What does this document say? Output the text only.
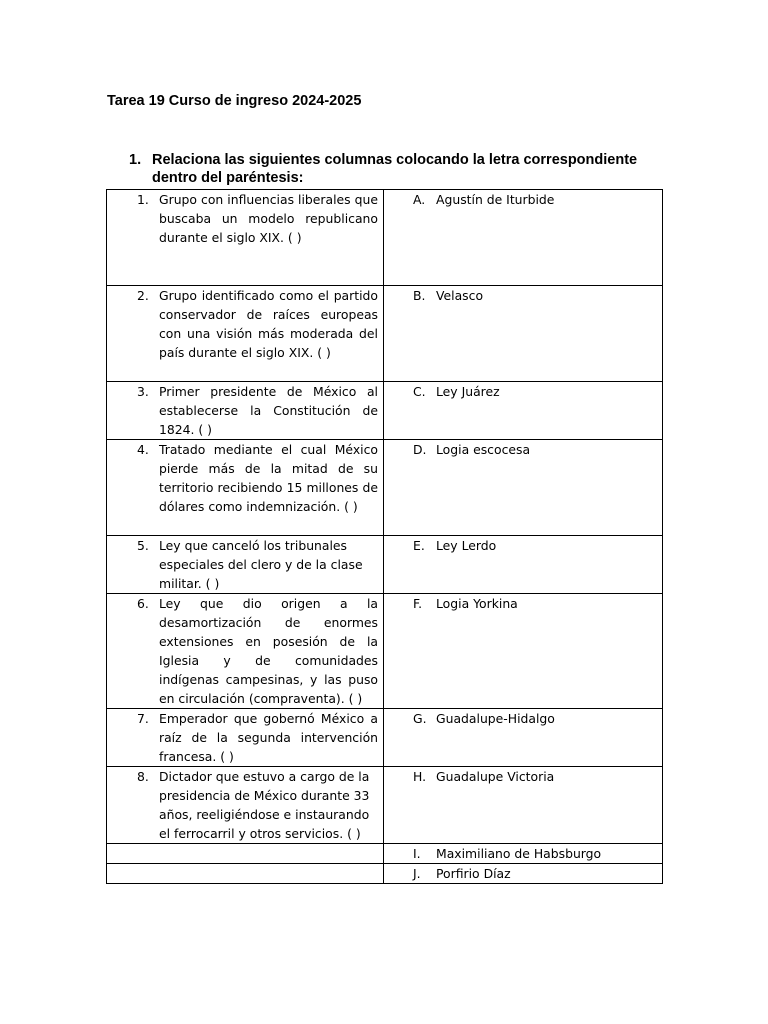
Tarea 19 Curso de ingreso 2024-2025
1. Relaciona las siguientes columnas colocando la letra correspondiente dentro del paréntesis:
1. Grupo con influencias liberales que buscaba un modelo republicano durante el siglo XIX. ( )	A. Agustín de Iturbide

2. Grupo identificado como el partido conservador de raíces europeas con una visión más moderada del país durante el siglo XIX. ( )	B. Velasco

3. Primer presidente de México al establecerse la Constitución de 1824. ( )	C. Ley Juárez

4. Tratado mediante el cual México pierde más de la mitad de su territorio recibiendo 15 millones de dólares como indemnización. ( )	D. Logia escocesa

5. Ley que canceló los tribunales especiales del clero y de la clase militar. ( )	E. Ley Lerdo

6. Ley que dio origen a la desamortización de enormes extensiones en posesión de la Iglesia y de comunidades indígenas campesinas, y las puso en circulación (compraventa). ( )	F. Logia Yorkina

7. Emperador que gobernó México a raíz de la segunda intervención francesa. ( )	G. Guadalupe-Hidalgo

8. Dictador que estuvo a cargo de la presidencia de México durante 33 años, reeligiéndose e instaurando el ferrocarril y otros servicios. ( )	H. Guadalupe Victoria

	I. Maximiliano de Habsburgo

	J. Porfirio Díaz
